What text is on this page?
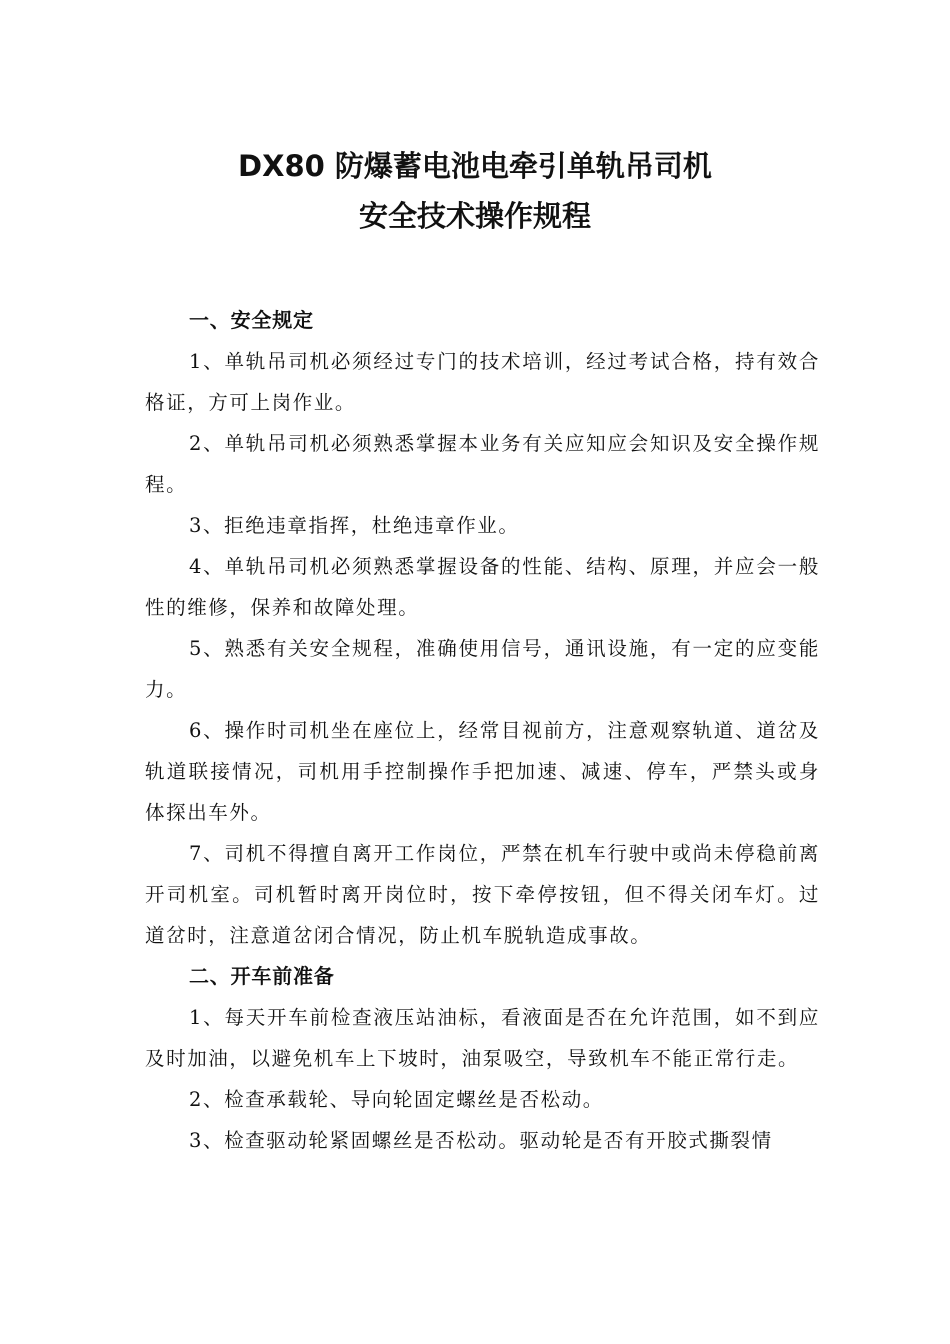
DX80 防爆蓄电池电牵引单轨吊司机
安全技术操作规程

一、安全规定

1、单轨吊司机必须经过专门的技术培训，经过考试合格，持有效合格证，方可上岗作业。

2、单轨吊司机必须熟悉掌握本业务有关应知应会知识及安全操作规程。

3、拒绝违章指挥，杜绝违章作业。

4、单轨吊司机必须熟悉掌握设备的性能、结构、原理，并应会一般性的维修，保养和故障处理。

5、熟悉有关安全规程，准确使用信号，通讯设施，有一定的应变能力。

6、操作时司机坐在座位上，经常目视前方，注意观察轨道、道岔及轨道联接情况，司机用手控制操作手把加速、减速、停车，严禁头或身体探出车外。

7、司机不得擅自离开工作岗位，严禁在机车行驶中或尚未停稳前离开司机室。司机暂时离开岗位时，按下牵停按钮，但不得关闭车灯。过道岔时，注意道岔闭合情况，防止机车脱轨造成事故。

二、开车前准备

1、每天开车前检查液压站油标，看液面是否在允许范围，如不到应及时加油，以避免机车上下坡时，油泵吸空，导致机车不能正常行走。

2、检查承载轮、导向轮固定螺丝是否松动。

3、检查驱动轮紧固螺丝是否松动。驱动轮是否有开胶式撕裂情
